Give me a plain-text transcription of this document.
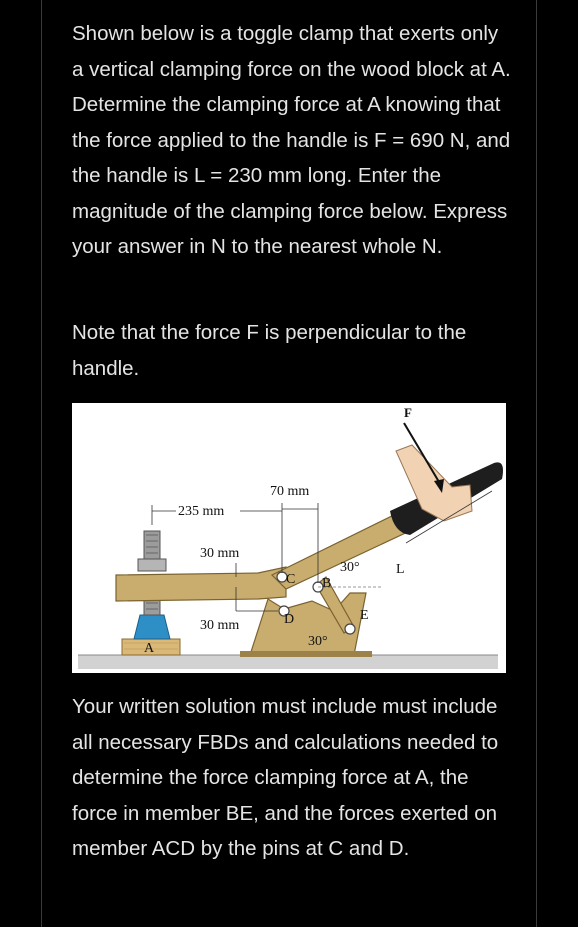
Shown below is a toggle clamp that exerts only a vertical clamping force on the wood block at A. Determine the clamping force at A knowing that the force applied to the handle is F = 690 N, and the handle is L = 230 mm long. Enter the magnitude of the clamping force below. Express your answer in N to the nearest whole N.

Note that the force F is perpendicular to the handle.

A
F
L
235 mm
70 mm
30 mm
30 mm
C B
D	E
30°
30°

Your written solution must include must include all necessary FBDs and calculations needed to determine the force clamping force at A, the force in member BE, and the forces exerted on member ACD by the pins at C and D.
